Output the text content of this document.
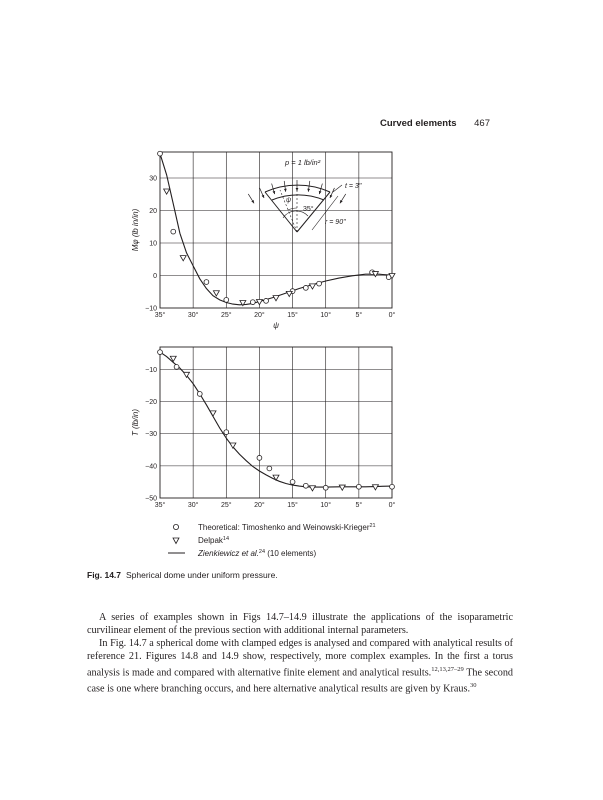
Curved elements 467
35°	30°	25°	20°	15°	10°	5°	0°
−10
0
10
20
30
Mφ (lb in/in)
ψ
35°	30°	25°	20°	15°	10°	5°	0°
−50
−40
−30
−20
−10
T (lb/in)
p = 1 lb/in²
t = 3"
r = 90"
35°
ψ
Theoretical: Timoshenko and Weinowski-Krieger$^{21}$
Delpak$^{14}$
Zienkiewicz et al.$^{24}$ (10 elements)
Fig. 14.7 Spherical dome under uniform pressure.

A series of examples shown in Figs 14.7–14.9 illustrate the applications of the isoparametric curvilinear element of the previous section with additional internal parameters.

In Fig. 14.7 a spherical dome with clamped edges is analysed and compared with analytical results of reference 21. Figures 14.8 and 14.9 show, respectively, more complex examples. In the first a torus analysis is made and compared with alternative finite element and analytical results.$^{12,13,27-29}$ The second case is one where branching occurs, and here alternative analytical results are given by Kraus.$^{30}$
